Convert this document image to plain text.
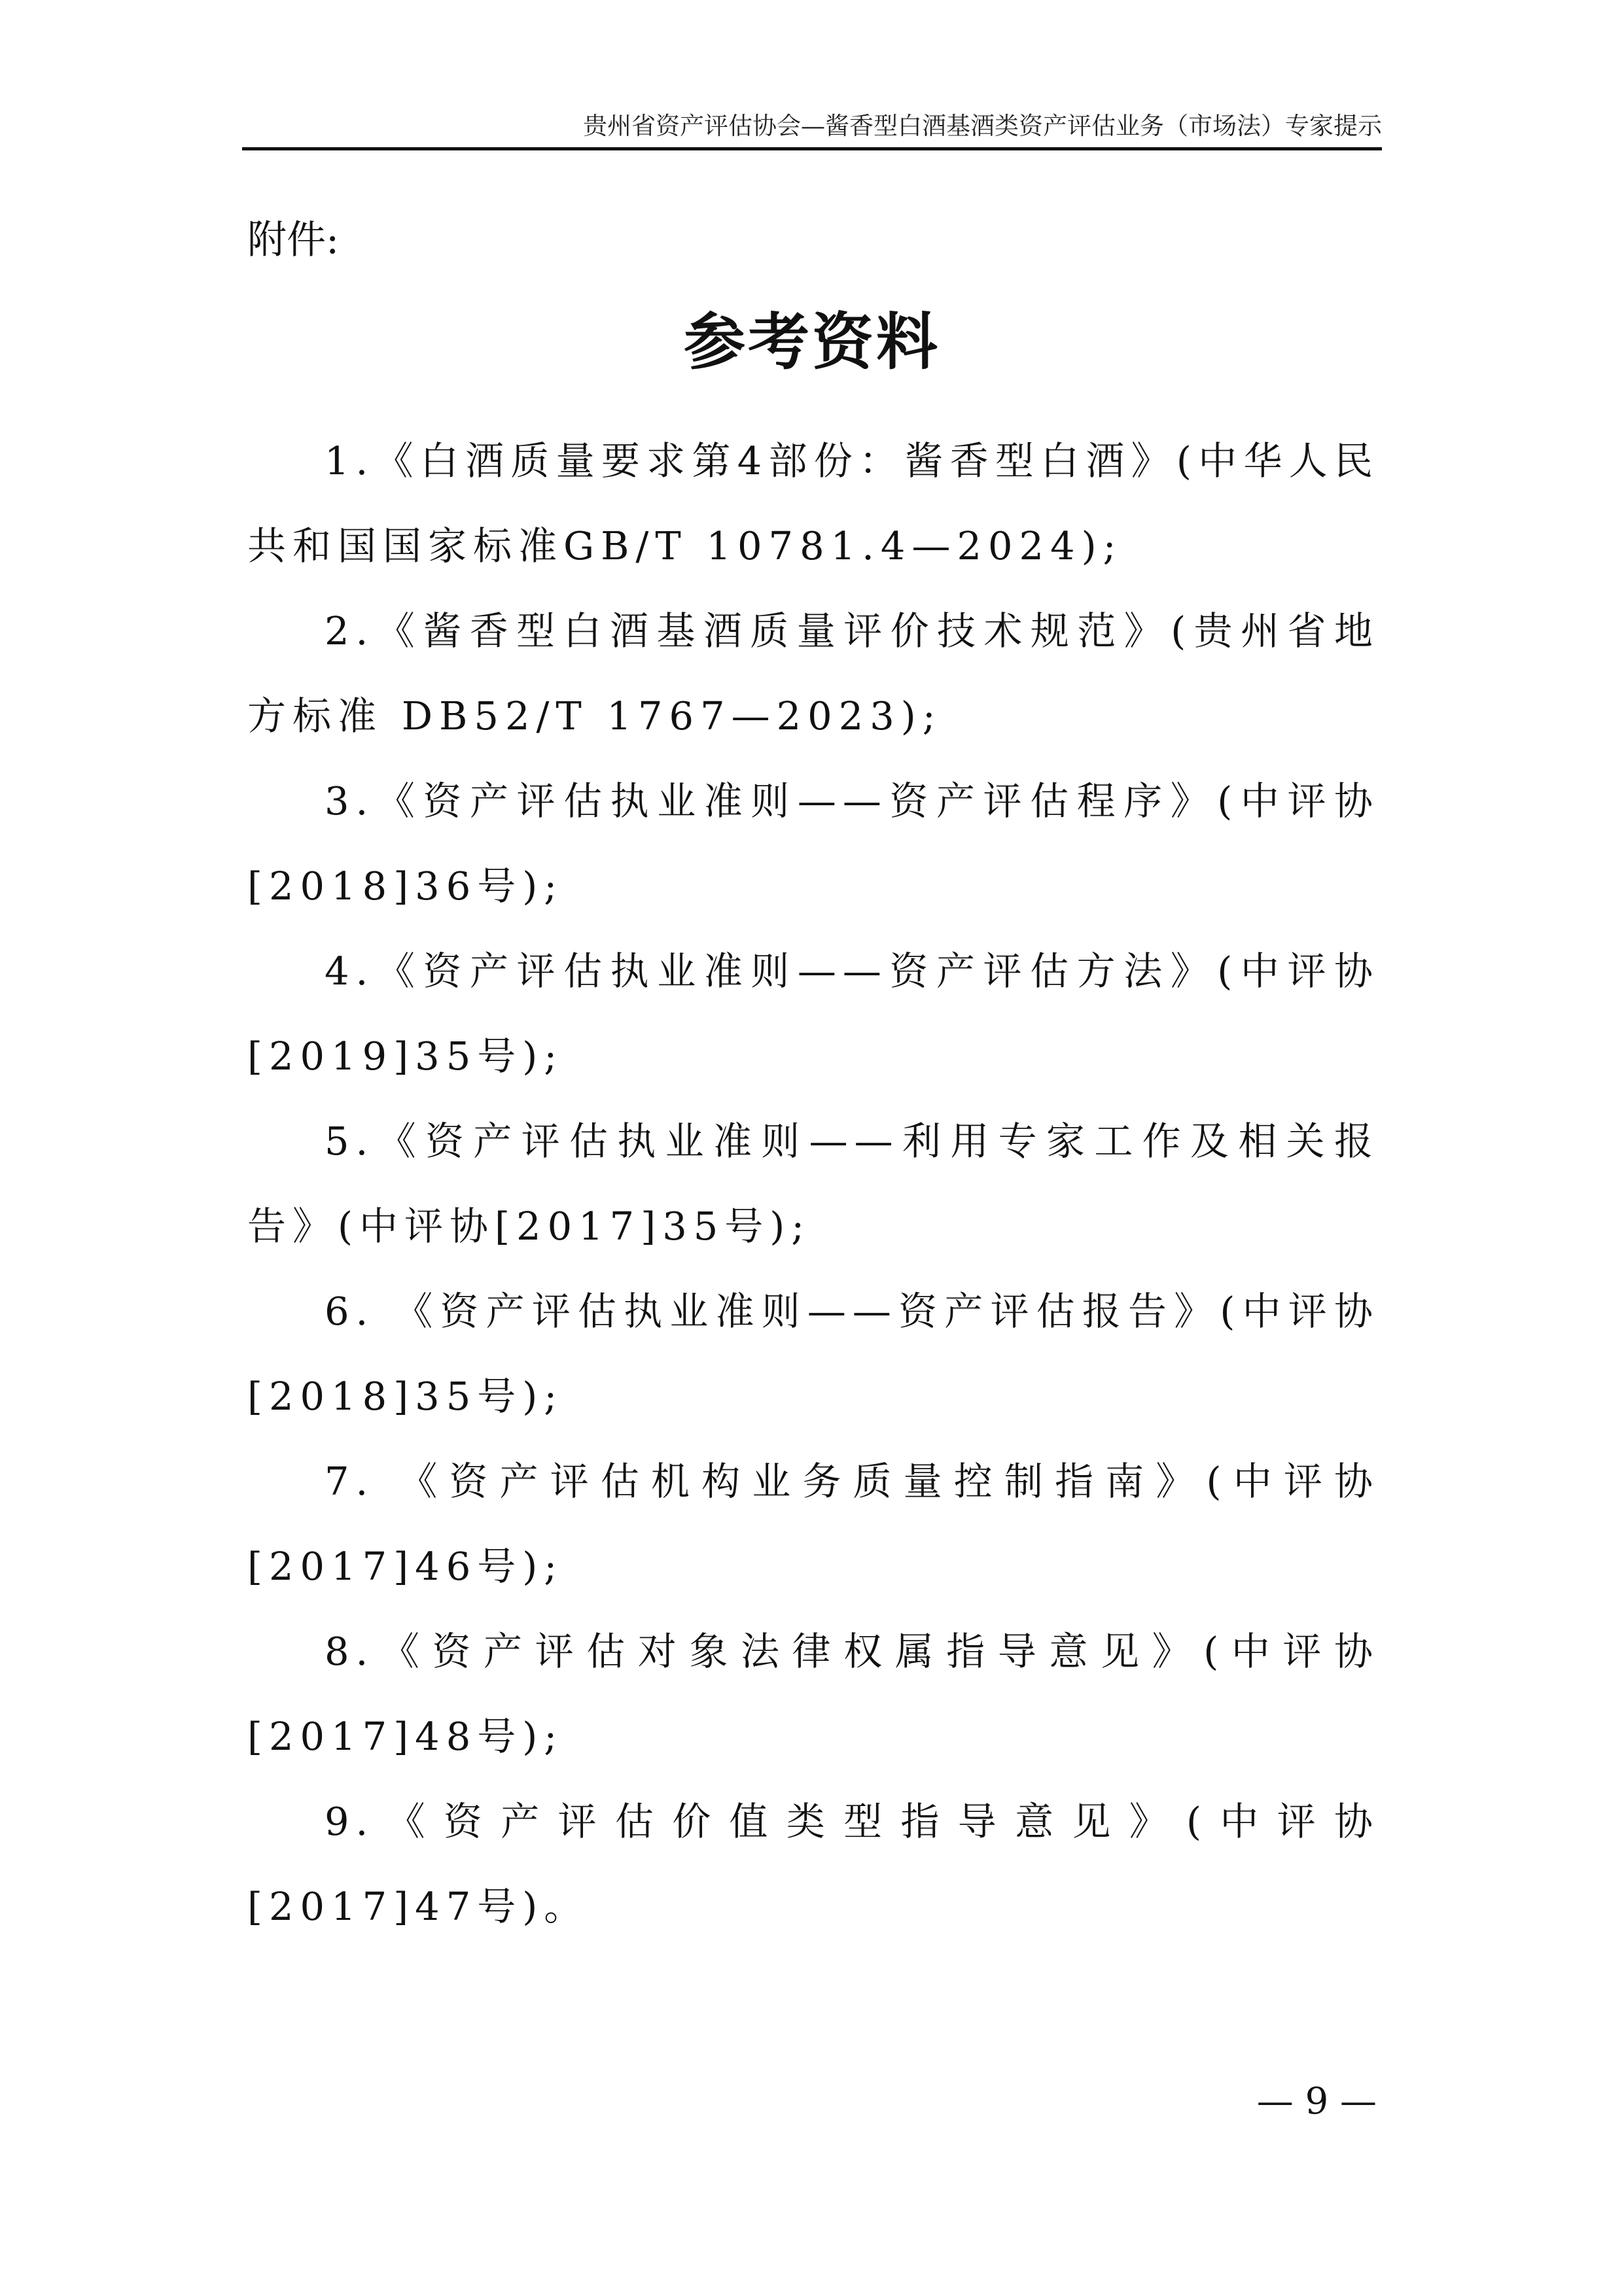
贵州省资产评估协会—酱香型白酒基酒类资产评估业务（市场法）专家提示
附件:
参考资料
1.《白酒质量要求第4部份：酱香型白酒》(中华人民共和国国家标准GB/T 10781.4—2024);
2.《酱香型白酒基酒质量评价技术规范》(贵州省地方标准 DB52/T 1767—2023);
3.《资产评估执业准则——资产评估程序》(中评协[2018]36号);
4.《资产评估执业准则——资产评估方法》(中评协[2019]35号);
5.《资产评估执业准则——利用专家工作及相关报告》(中评协[2017]35号);
6. 《资产评估执业准则——资产评估报告》(中评协[2018]35号);
7. 《资产评估机构业务质量控制指南》(中评协[2017]46号);
8.《资产评估对象法律权属指导意见》(中评协[2017]48号);
9.《资产评估价值类型指导意见》(中评协[2017]47号)。
— 9 —
